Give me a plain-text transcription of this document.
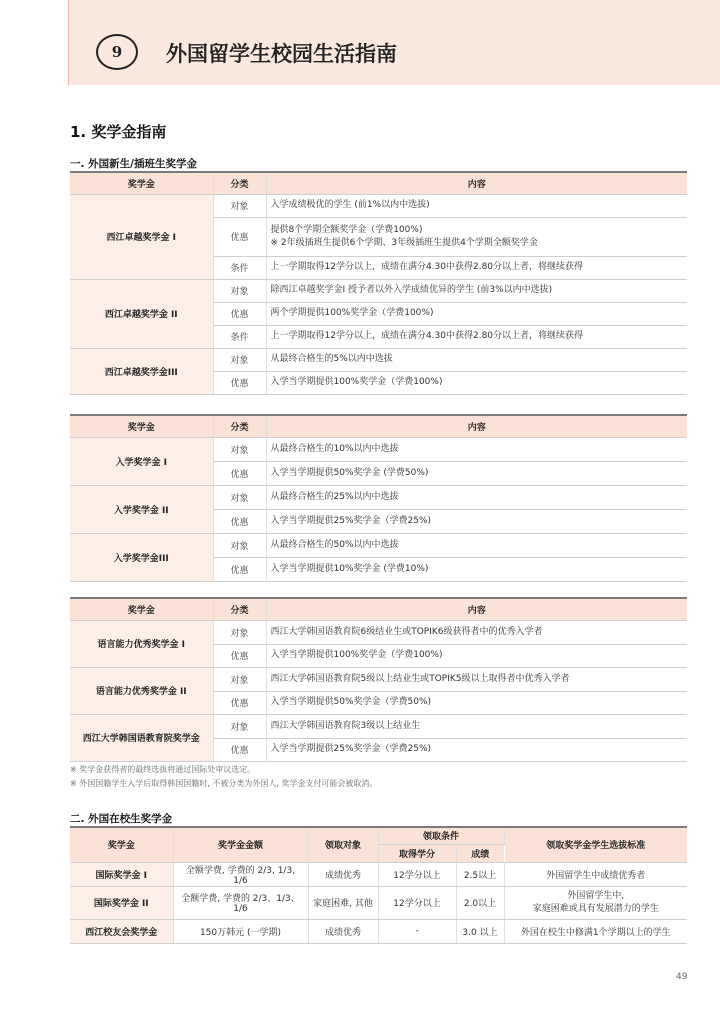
9 外国留学生校园生活指南
1. 奖学金指南
一. 外国新生/插班生奖学金
奖学金	分类	内容
西江卓越奖学金 I	对象	入学成绩极优的学生 (前1%以内中选拔)
	优惠	提供8个学期全额奖学金（学费100%)
※ 2年级插班生提供6个学期、3年级插班生提供4个学期全额奖学金

	条件	上一学期取得12学分以上，成绩在满分4.30中获得2.80分以上者，将继续获得
西江卓越奖学金 II	对象	除西江卓越奖学金I 授予者以外入学成绩优异的学生 (前3%以内中选拔)
	优惠	两个学期提供100%奖学金（学费100%)
	条件	上一学期取得12学分以上，成绩在满分4.30中获得2.80分以上者，将继续获得
西江卓越奖学金III	对象	从最终合格生的5%以内中选拔
	优惠	入学当学期提供100%奖学金（学费100%)
奖学金	分类	内容
入学奖学金 I	对象	从最终合格生的10%以内中选拔
	优惠	入学当学期提供50%奖学金 (学费50%)
入学奖学金 II	对象	从最终合格生的25%以内中选拔
	优惠	入学当学期提供25%奖学金（学费25%)
入学奖学金III	对象	从最终合格生的50%以内中选拔
	优惠	入学当学期提供10%奖学金 (学费10%)
奖学金	分类	内容
语言能力优秀奖学金 I	对象	西江大学韩国语教育院6级结业生或TOPIK6级获得者中的优秀入学者
	优惠	入学当学期提供100%奖学金（学费100%)
语言能力优秀奖学金 II	对象	西江大学韩国语教育院5级以上结业生或TOPIK5级以上取得者中优秀入学者
	优惠	入学当学期提供50%奖学金（学费50%)
西江大学韩国语教育院奖学金	对象	西江大学韩国语教育院3级以上结业生
	优惠	入学当学期提供25%奖学金（学费25%)
※ 奖学金获得者的最终选拔将通过国际处审议选定。
※ 外国国籍学生入学后取得韩国国籍时, 不被分类为外国人, 奖学金支付可能会被取消。
二. 外国在校生奖学金
奖学金	奖学金金额	领取对象	领取条件		领取奖学金学生选拔标准
			取得学分	成绩	
国际奖学金 I	全额学费, 学费的 2/3, 1/3, 1/6	成绩优秀	12学分以上	2.5以上	外国留学生中成绩优秀者
国际奖学金 II	全额学费, 学费的 2/3、1/3、1/6	家庭困难, 其他	12学分以上	2.0以上	外国留学生中,
家庭困难或具有发展潜力的学生

西江校友会奖学金	150万韩元 (一学期)	成绩优秀	-	3.0 以上	外国在校生中修满1个学期以上的学生
49
